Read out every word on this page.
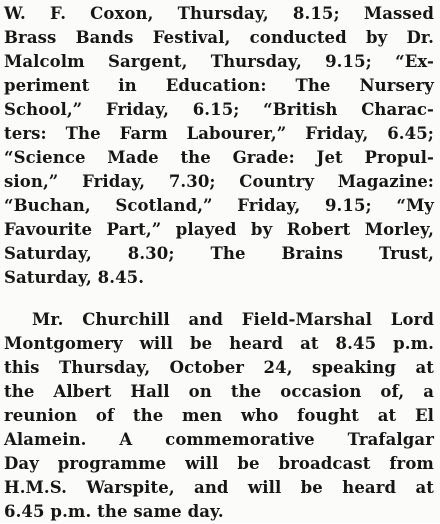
W. F. Coxon, Thursday, 8.15; Massed
Brass Bands Festival, conducted by Dr.
Malcolm Sargent, Thursday, 9.15; “Ex-
periment in Education: The Nursery
School,” Friday, 6.15; “British Charac-
ters: The Farm Labourer,” Friday, 6.45;
“Science Made the Grade: Jet Propul-
sion,” Friday, 7.30; Country Magazine:
“Buchan, Scotland,” Friday, 9.15; “My
Favourite Part,” played by Robert Morley,
Saturday, 8.30; The Brains Trust,
Saturday, 8.45.
Mr. Churchill and Field-Marshal Lord
Montgomery will be heard at 8.45 p.m.
this Thursday, October 24, speaking at
the Albert Hall on the occasion of, a
reunion of the men who fought at El
Alamein. A commemorative Trafalgar
Day programme will be broadcast from
H.M.S. Warspite, and will be heard at
6.45 p.m. the same day.
